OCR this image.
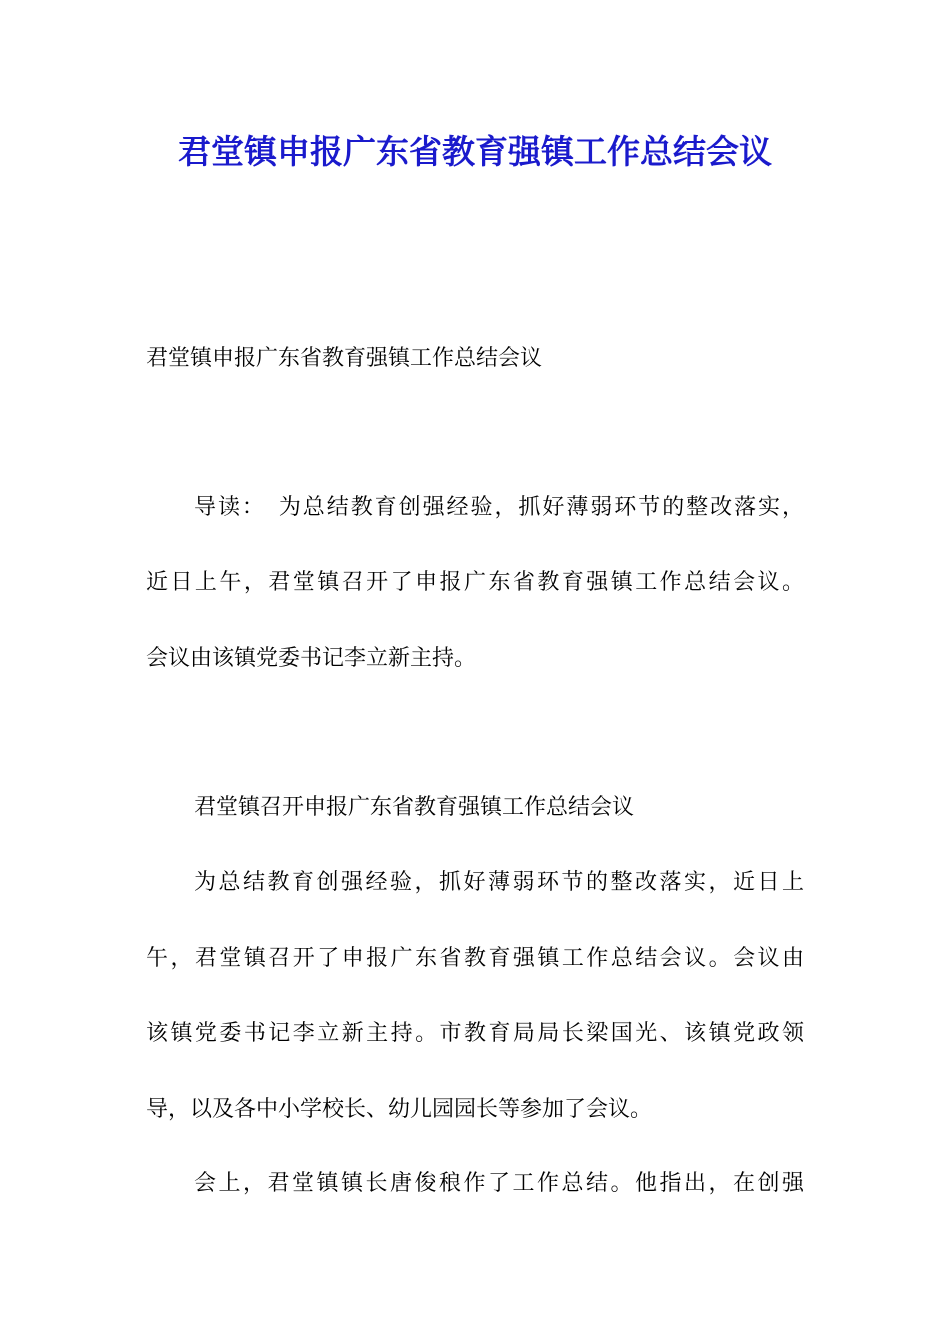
君堂镇申报广东省教育强镇工作总结会议

君堂镇申报广东省教育强镇工作总结会议

导读：　为总结教育创强经验，抓好薄弱环节的整改落实，

近日上午，君堂镇召开了申报广东省教育强镇工作总结会议。

会议由该镇党委书记李立新主持。

君堂镇召开申报广东省教育强镇工作总结会议

为总结教育创强经验，抓好薄弱环节的整改落实，近日上

午，君堂镇召开了申报广东省教育强镇工作总结会议。会议由

该镇党委书记李立新主持。市教育局局长梁国光、该镇党政领

导，以及各中小学校长、幼儿园园长等参加了会议。

会上，君堂镇镇长唐俊稂作了工作总结。他指出，在创强
